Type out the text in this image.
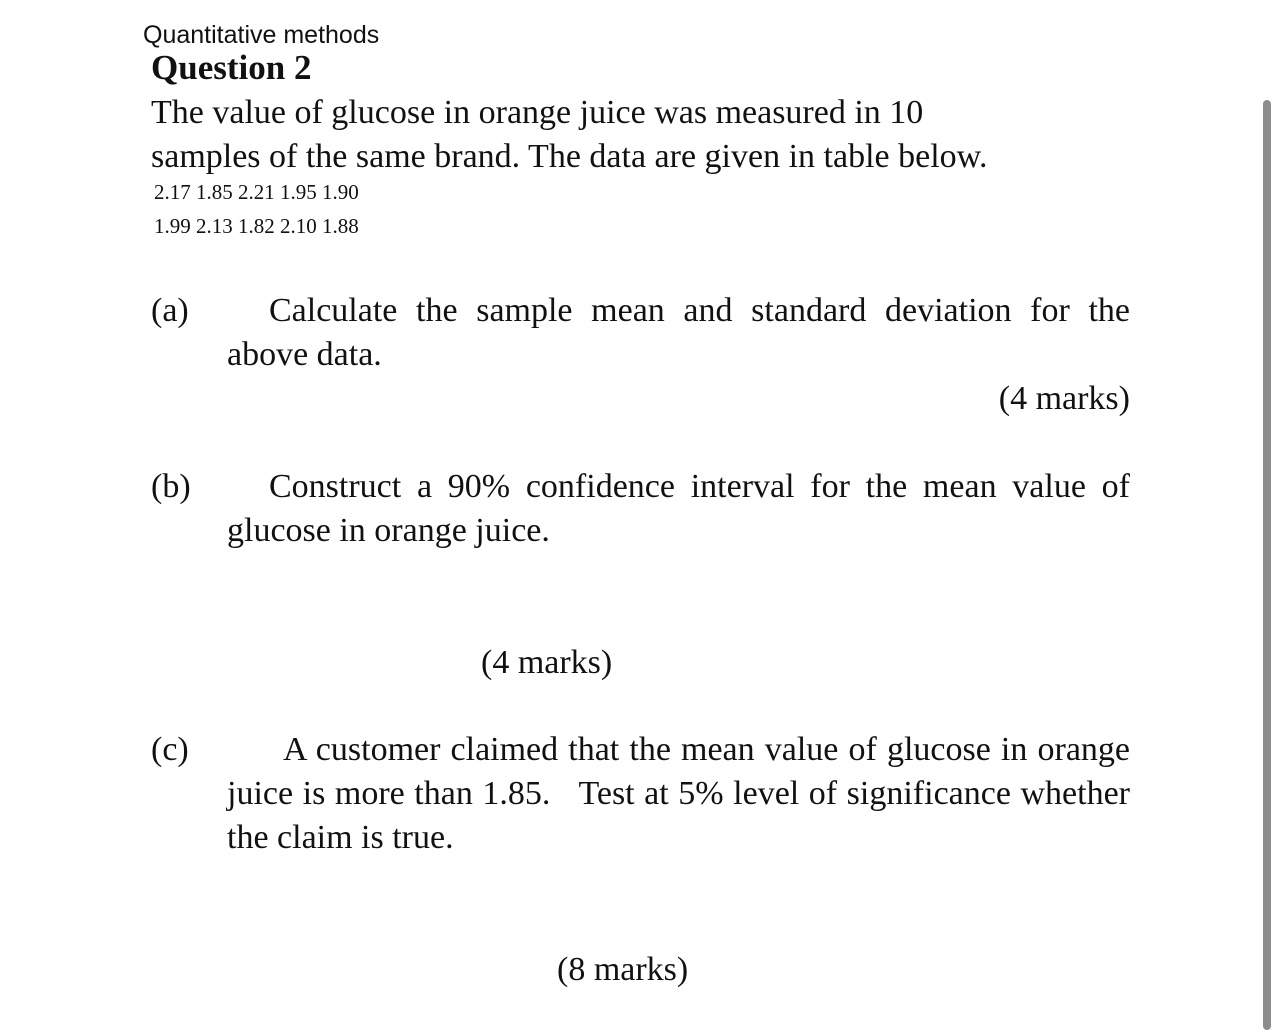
Quantitative methods
Question 2
The value of glucose in orange juice was measured in 10
samples of the same brand. The data are given in table below.
2.17 1.85 2.21 1.95 1.90
1.99 2.13 1.82 2.10 1.88
(a)	Calculate the sample mean and standard deviation for the above data.
(4 marks)
(b)	Construct a 90% confidence interval for the mean value of glucose in orange juice.
(4 marks)
(c)	A customer claimed that the mean value of glucose in orange juice is more than 1.85.   Test at 5% level of significance whether the claim is true.
(8 marks)
